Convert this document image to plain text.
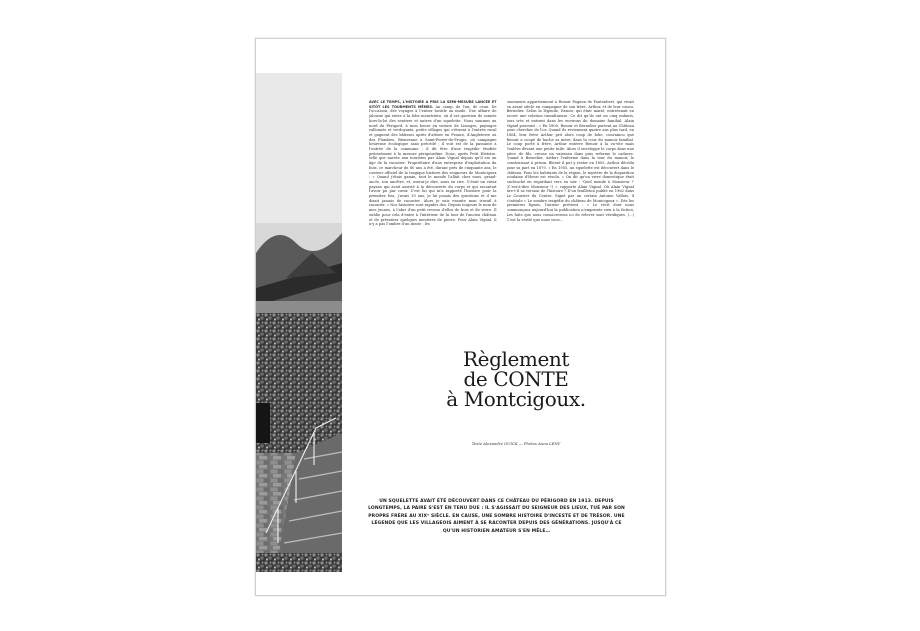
AVEC LE TEMPS, L'HISTOIRE A PRIS LA SEMI-MESURE LANCÉE ET SITÔT LES TOURMENTS MÊMES. Au camp, de l'un, de ceux. De l'occasion, des voyages à l'entier hostile au mode. Une affaire de jalousie qui entre à la folie meurtrière, où il est question de sonnés hors-la-loi des sentiers et autres d'un squelette. Nous sommes au nord du Périgord, à mon heure en voiture de Limoges, paysages vallonnés et verdoyants, petits villages qui s'étirent à l'entrée rural et gagnent des bâtisses après d'attirer en France, d'Angleterre ou des Flandres. Bienvenue à Saint-Pierre-de-Frugie, où campagne heureuse écologique sans précédé ; il voit est de la passante à l'entrée de la commune ; il dit être d'une tragédie étudiée précisément à la mesure périgourdine. Donc, après Petit Histoire, telle que narrée aux touristes par Alain Vignal depuis qu'il est un âge de la raconter. Propriétaire d'une entreprise d'exploitation du bois, ce marcheur de 80 ans a été, durant près de cinquante ans, le conteur officiel de la tragique histoire des seigneurs de Montcigoux : « Quand j'étais gamin, tout le monde l'allait chez nous, grand-oncle, son ancêtre, et, oserai-je dire, nous en rire. C'était un vieux paysan qui avait assisté à la découverte du corps et qui racontait l'avoir pu par cœur. C'est lui qui m'a rapporté l'histoire pour la première fois, j'avais 10 ans, je lui posais des questions et il me disait jamais de raconter. Alors je suis ensuite mon travail à raconter. » Nos histoires sont rapides des. Depuis toujours le nom de mes jeunes, à l'abri d'un petit revenu d'elles de bois et de verre. Il oublie pour cela d'entre à l'intérieur de la tour de l'ancien château et de présenter quelques meurtres de pierre. Pour Alain Vignal, il n'y a pas l'ombre d'un doute : les

ossements appartiennent à Renoir Paguen de Fontenbert, qui vivait en avant siècle en compagnie de son frère, Arthur, et de leur cousu, Bernelier. Selon la légende, Renoir, qui était marié, entretenait en secret une relation tumultueuse. Ce dit qu'ils ont en cinq enfants, tous très et entrent dans les environs du domaine familial. Alain Vignal poursuit : « En 1800, Renoir et Bernelier partent au Château pour chercher de l'or. Quand ils reviennent quatre ans plus tard, en 1804, leur frère Arthur prit alors coup de folie, convaincu que Renoir a coupé de hache sa mère, dans la cour du manoir familial. Le coup porté à frère, Arthur enterre Renoir à la va-vite mais l'enlève devant une petite tuile. Alors il enveloppe le corps dans une pièce de fils, creuse un vaisseau dans puis referme le cadavre. Quand à Bernelier, Arthur l'enferme dans la tour du manoir, le construisant à prison. Blessé il put y rester en 1805. Arthur décéda pour sa part en 1870. » En 1955, un squelette est découvert dans le château. Pour les habitants de la région, le mystère de la disparition soudaine d'Henri est résolu. « On dit qu'on vivre domestique était enclenché en regardant vers en soir : 'Quel monde à Monsieur !' (C'est-à-dire Monsieur !) », rapporte Alain Vignal. Où Alain Vignal tire-t-il sa version de l'histoire ? D'un feuilleton publié en 1962 dans Le Courrier du Centre. Signé par un certain Antoine Vallois, il s'intitule « Le sombre tragédie du château de Montcigoux ». Dès les premières lignes, l'auteur prévient : « Le récit dont nous commençons aujourd'hui la publication n'emprunte rien à la fiction. Les faits que nous consacrerons ici de relever sont véridiques. (...) C'est la vérité que nous vous…

Règlement
de CONTE
à Montcigoux.
Texte Alexandre OUICK — Photos Anna LENY
UN SQUELETTE AVAIT ÉTÉ DÉCOUVERT DANS CE CHÂTEAU DU PÉRIGORD EN 1913. DEPUIS LONGTEMPS, LA PAIRE S'EST EN TENU DUE : IL S'AGISSAIT DU SEIGNEUR DES LIEUX, TUÉ PAR SON PROPRE FRÈRE AU XIXᵉ SIÈCLE. EN CAUSE, UNE SOMBRE HISTOIRE D'INCESTE ET DE TRÉSOR. UNE LÉGENDE QUE LES VILLAGEOIS AIMENT À SE RACONTER DEPUIS DES GÉNÉRATIONS. JUSQU'À CE QU'UN HISTORIEN AMATEUR S'EN MÊLE…
